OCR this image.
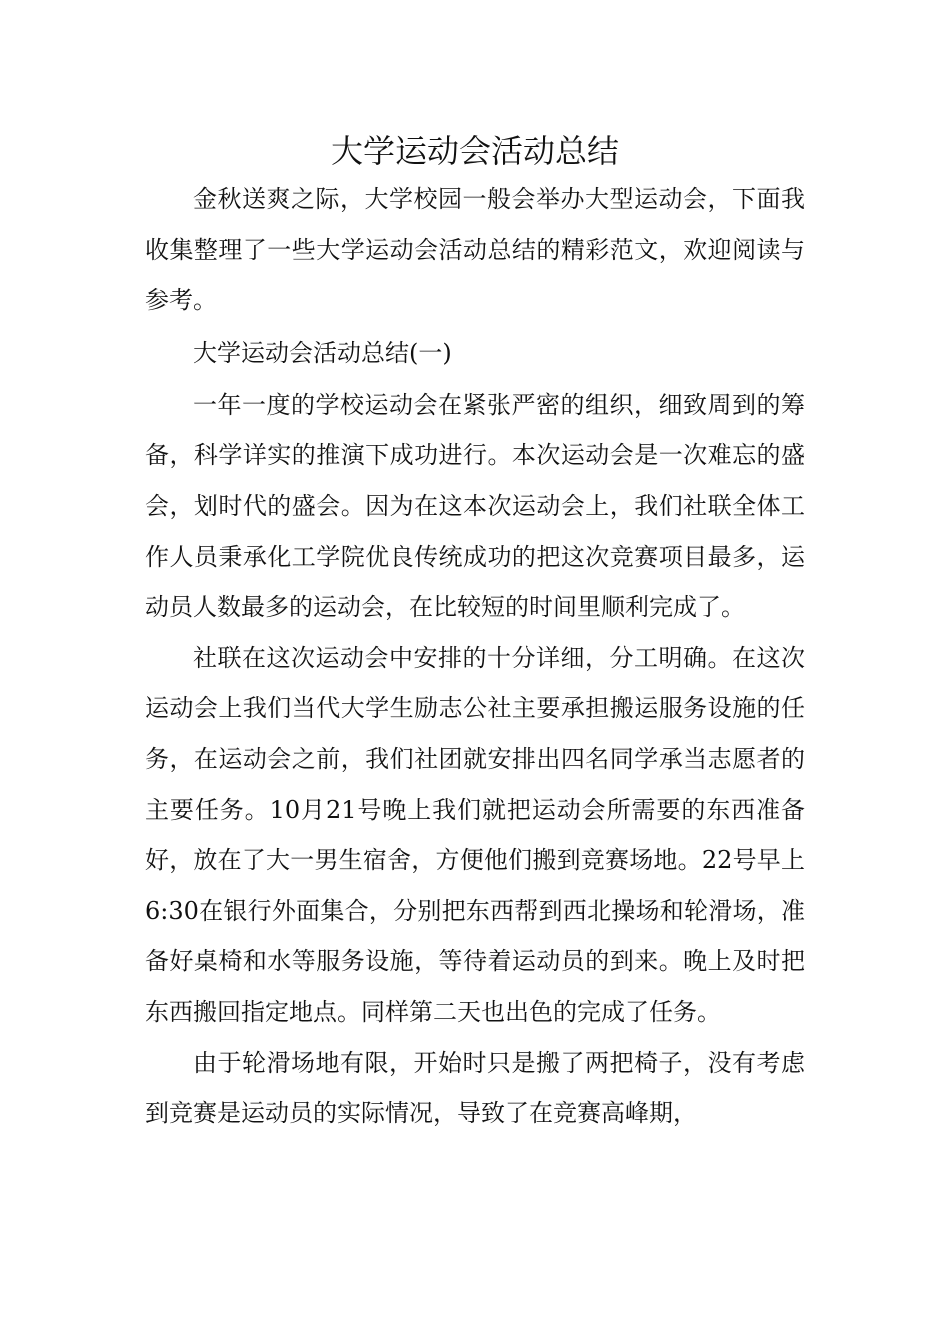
大学运动会活动总结

金秋送爽之际，大学校园一般会举办大型运动会，下面我收集整理了一些大学运动会活动总结的精彩范文，欢迎阅读与参考。

大学运动会活动总结(一)

一年一度的学校运动会在紧张严密的组织，细致周到的筹备，科学详实的推演下成功进行。本次运动会是一次难忘的盛会，划时代的盛会。因为在这本次运动会上，我们社联全体工作人员秉承化工学院优良传统成功的把这次竞赛项目最多，运动员人数最多的运动会，在比较短的时间里顺利完成了。

社联在这次运动会中安排的十分详细，分工明确。在这次运动会上我们当代大学生励志公社主要承担搬运服务设施的任务，在运动会之前，我们社团就安排出四名同学承当志愿者的主要任务。10月21号晚上我们就把运动会所需要的东西准备好，放在了大一男生宿舍，方便他们搬到竞赛场地。22号早上6:30在银行外面集合，分别把东西帮到西北操场和轮滑场，准备好桌椅和水等服务设施，等待着运动员的到来。晚上及时把东西搬回指定地点。同样第二天也出色的完成了任务。

由于轮滑场地有限，开始时只是搬了两把椅子，没有考虑到竞赛是运动员的实际情况，导致了在竞赛高峰期，
